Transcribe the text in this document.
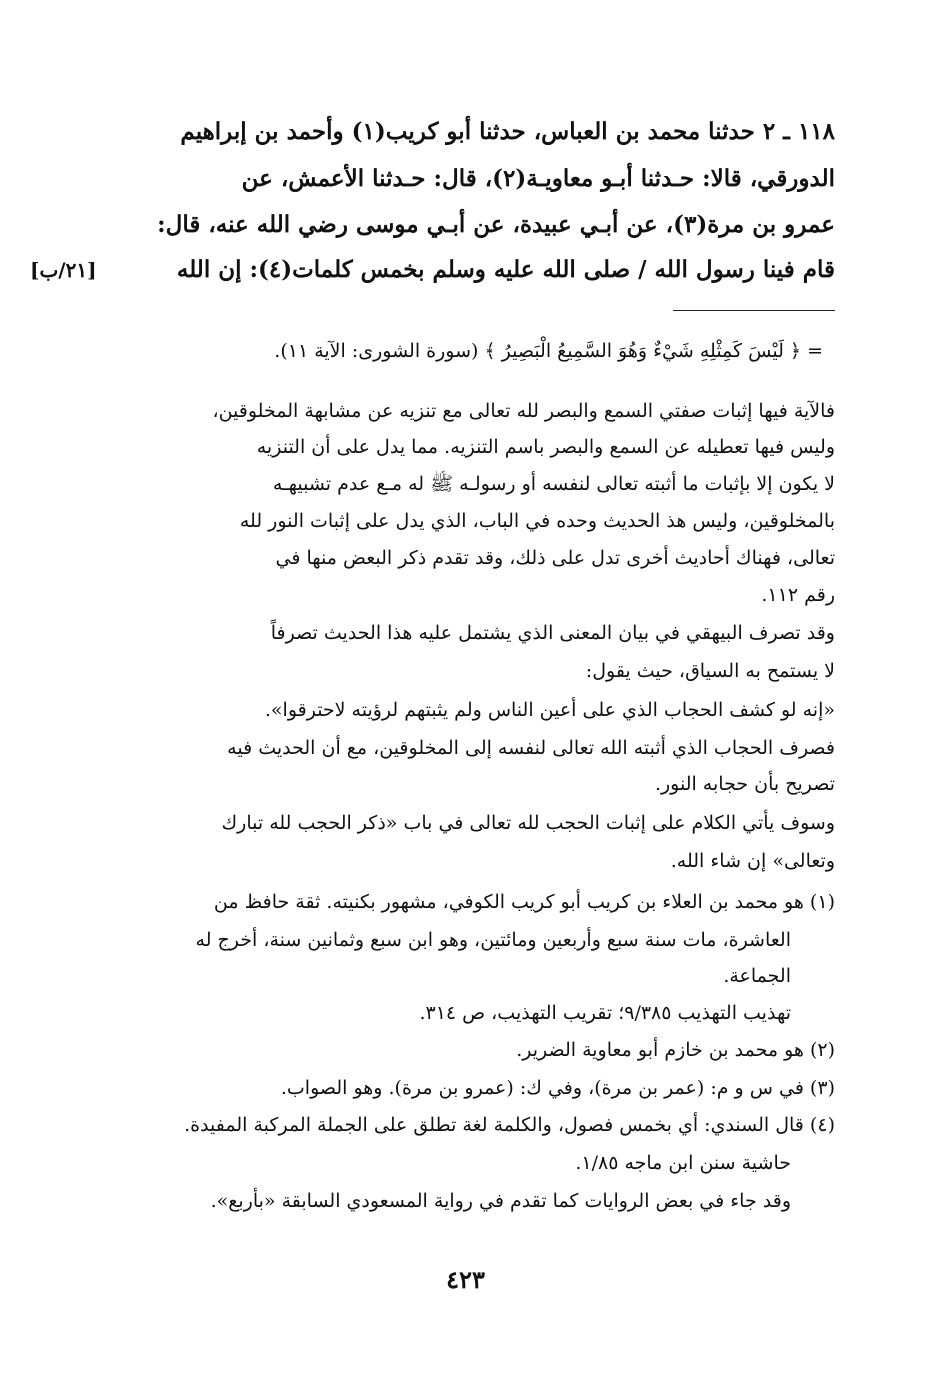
١١٨ ـ ٢ حدثنا محمد بن العباس، حدثنا أبو كريب(١) وأحمد بن إبراهيم
الدورقي، قالا: حـدثنا أبـو معاويـة(٢)، قال: حـدثنا الأعمش، عن
عمرو بن مرة(٣)، عن أبـي عبيدة، عن أبـي موسى رضي الله عنه، قال:
قام فينا رسول الله / صلى الله عليه وسلم بخمس كلمات(٤): إن الله
[٢١/ب]
= ﴿ لَيْسَ كَمِثْلِهِ شَيْءٌ وَهُوَ السَّمِيعُ الْبَصِيرُ ﴾ (سورة الشورى: الآية ١١).
فالآية فيها إثبات صفتي السمع والبصر لله تعالى مع تنزيه عن مشابهة المخلوقين،
وليس فيها تعطيله عن السمع والبصر باسم التنزيه. مما يدل على أن التنزيه
لا يكون إلا بإثبات ما أثبته تعالى لنفسه أو رسولـه ﷺ له مـع عدم تشبيهـه
بالمخلوقين، وليس هذ الحديث وحده في الباب، الذي يدل على إثبات النور لله
تعالى، فهناك أحاديث أخرى تدل على ذلك، وقد تقدم ذكر البعض منها في
رقم ١١٢.
وقد تصرف البيهقي في بيان المعنى الذي يشتمل عليه هذا الحديث تصرفاً
لا يستمح به السياق، حيث يقول:
«إنه لو كشف الحجاب الذي على أعين الناس ولم يثبتهم لرؤيته لاحترقوا».
فصرف الحجاب الذي أثبته الله تعالى لنفسه إلى المخلوقين، مع أن الحديث فيه
تصريح بأن حجابه النور.
وسوف يأتي الكلام على إثبات الحجب لله تعالى في باب «ذكر الحجب لله تبارك
وتعالى» إن شاء الله.
(١) هو محمد بن العلاء بن كريب أبو كريب الكوفي، مشهور بكنيته. ثقة حافظ من
العاشرة، مات سنة سبع وأربعين ومائتين، وهو ابن سبع وثمانين سنة، أخرج له
الجماعة.
تهذيب التهذيب ٩/٣٨٥؛ تقريب التهذيب، ص ٣١٤.
(٢) هو محمد بن خازم أبو معاوية الضرير.
(٣) في س و م: (عمر بن مرة)، وفي ك: (عمرو بن مرة). وهو الصواب.
(٤) قال السندي: أي بخمس فصول، والكلمة لغة تطلق على الجملة المركبة المفيدة.
حاشية سنن ابن ماجه ١/٨٥.
وقد جاء في بعض الروايات كما تقدم في رواية المسعودي السابقة «بأربع».
٤٢٣
